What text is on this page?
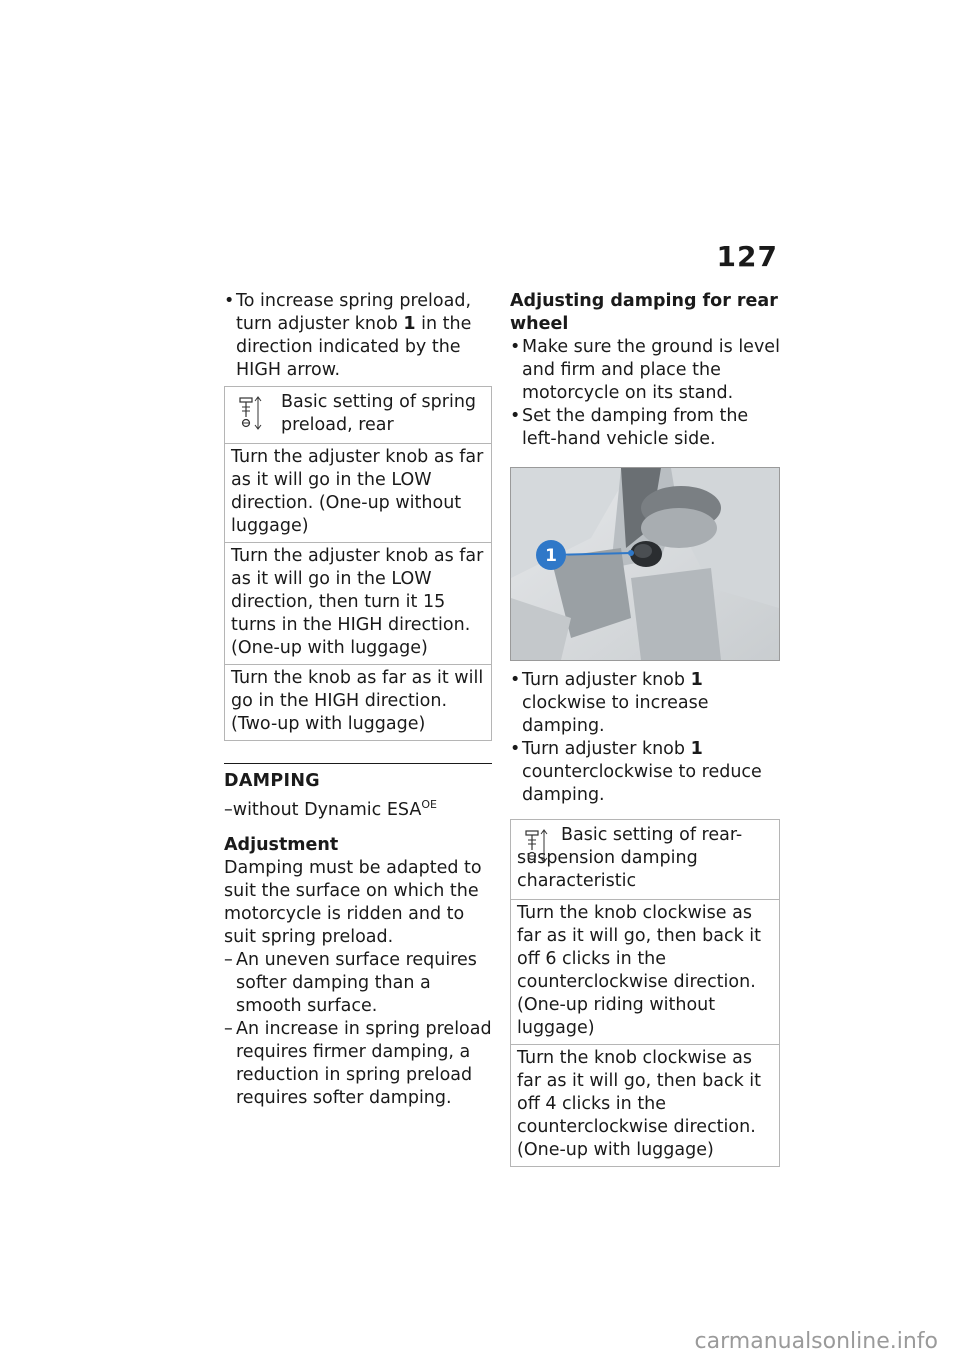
127

• To increase spring preload, turn adjuster knob 1 in the direction indicated by the HIGH arrow.

Basic setting of spring preload, rear
Turn the adjuster knob as far as it will go in the LOW direction. (One-up without luggage)
Turn the adjuster knob as far as it will go in the LOW direction, then turn it 15 turns in the HIGH direction. (One-up with luggage)
Turn the knob as far as it will go in the HIGH direction. (Two-up with luggage)

DAMPING

–without Dynamic $ESA^{OE}$

Adjustment

Damping must be adapted to suit the surface on which the motorcycle is ridden and to suit spring preload.

– An uneven surface requires softer damping than a smooth surface.

– An increase in spring preload requires firmer damping, a reduction in spring preload requires softer damping.

Adjusting damping for rear wheel

• Make sure the ground is level and firm and place the motorcycle on its stand.

• Set the damping from the left-hand vehicle side.

1

• Turn adjuster knob 1 clockwise to increase damping.

• Turn adjuster knob 1 counterclockwise to reduce damping.

Basic setting of rear-suspension damping characteristic
Turn the knob clockwise as far as it will go, then back it off 6 clicks in the counterclockwise direction. (One-up riding without luggage)
Turn the knob clockwise as far as it will go, then back it off 4 clicks in the counterclockwise direction. (One-up with luggage)
carmanualsonline.info
